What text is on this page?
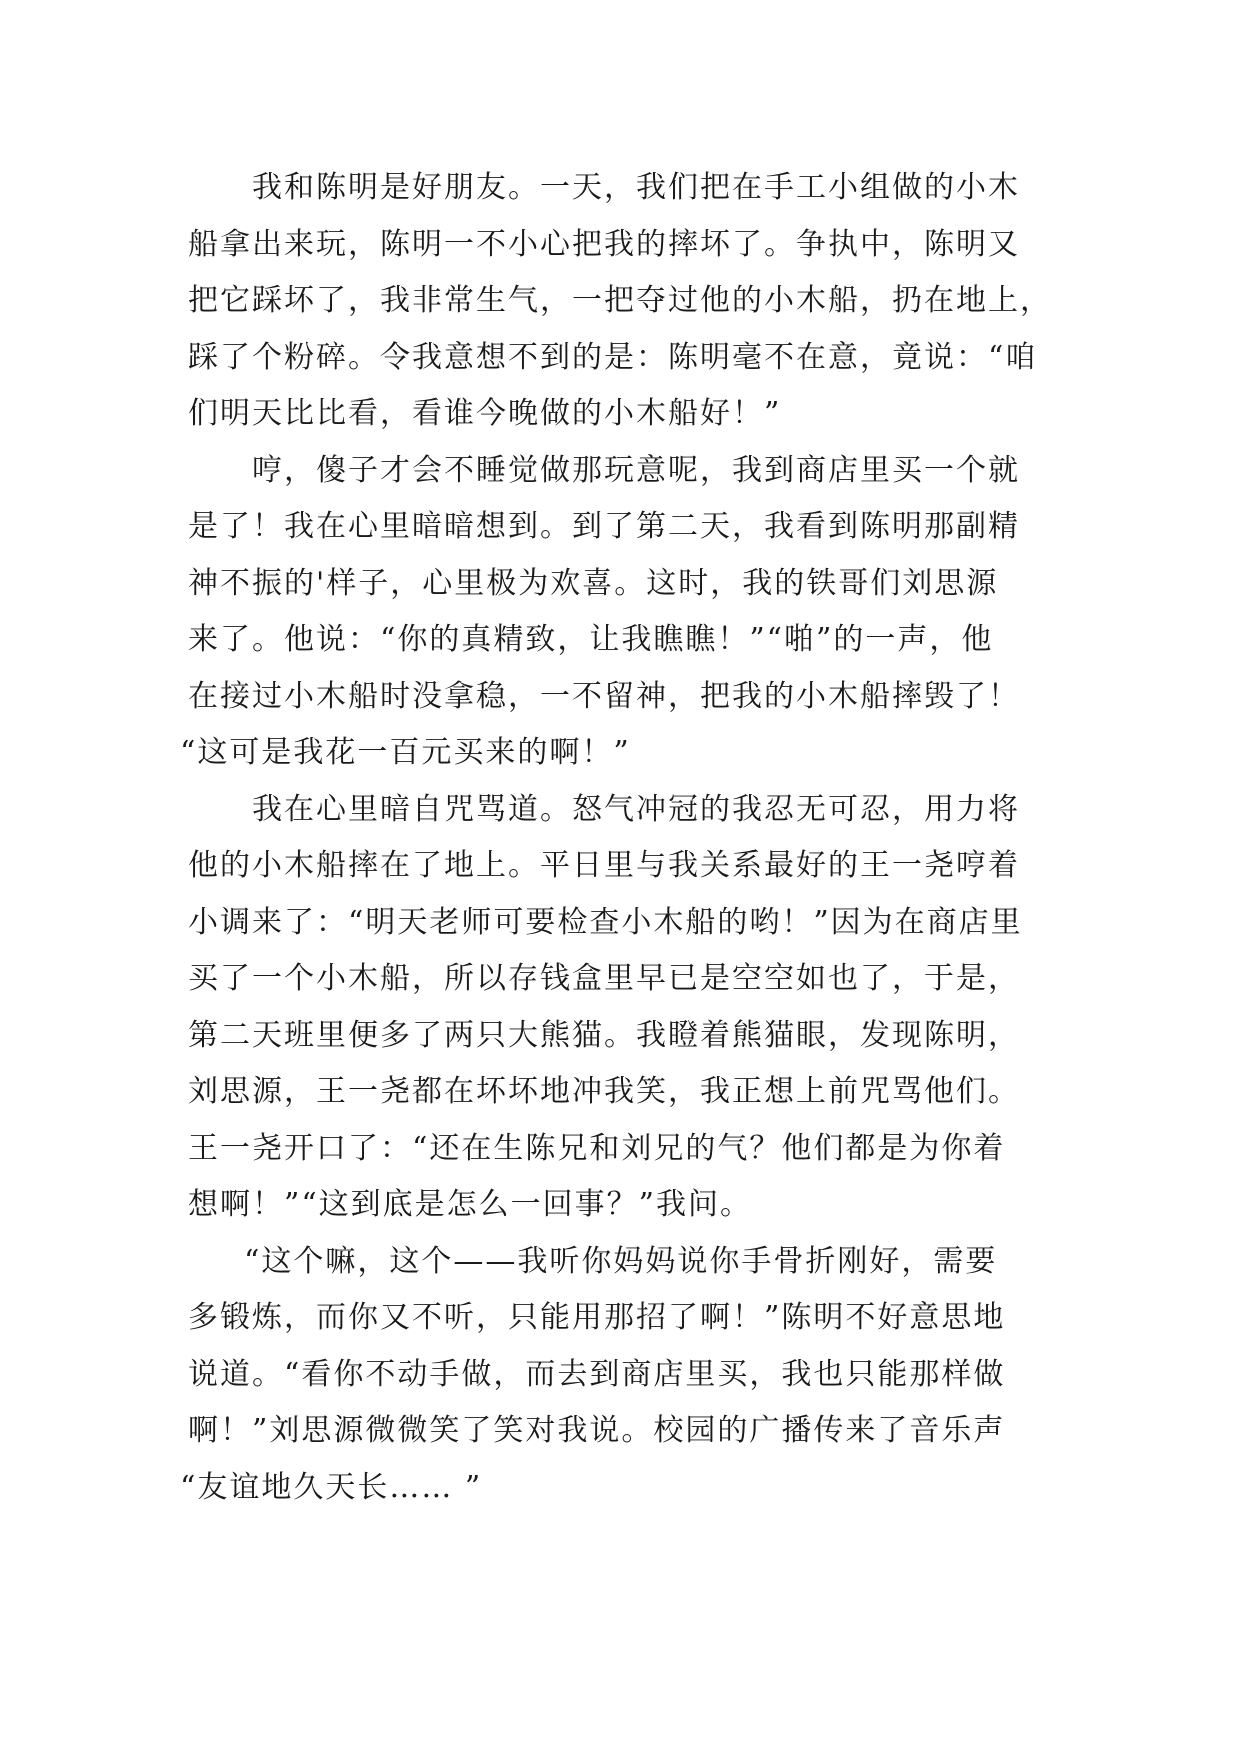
我和陈明是好朋友。一天，我们把在手工小组做的小木
船拿出来玩，陈明一不小心把我的摔坏了。争执中，陈明又
把它踩坏了，我非常生气，一把夺过他的小木船，扔在地上，
踩了个粉碎。令我意想不到的是：陈明毫不在意，竟说：“咱
们明天比比看，看谁今晚做的小木船好！”
哼，傻子才会不睡觉做那玩意呢，我到商店里买一个就
是了！我在心里暗暗想到。到了第二天，我看到陈明那副精
神不振的'样子，心里极为欢喜。这时，我的铁哥们刘思源
来了。他说：“你的真精致，让我瞧瞧！”“啪”的一声，他
在接过小木船时没拿稳，一不留神，把我的小木船摔毁了！
“这可是我花一百元买来的啊！”
我在心里暗自咒骂道。怒气冲冠的我忍无可忍，用力将
他的小木船摔在了地上。平日里与我关系最好的王一尧哼着
小调来了：“明天老师可要检查小木船的哟！”因为在商店里
买了一个小木船，所以存钱盒里早已是空空如也了，于是，
第二天班里便多了两只大熊猫。我瞪着熊猫眼，发现陈明，
刘思源，王一尧都在坏坏地冲我笑，我正想上前咒骂他们。
王一尧开口了：“还在生陈兄和刘兄的气？他们都是为你着
想啊！”“这到底是怎么一回事？”我问。
“这个嘛，这个——我听你妈妈说你手骨折刚好，需要
多锻炼，而你又不听，只能用那招了啊！”陈明不好意思地
说道。“看你不动手做，而去到商店里买，我也只能那样做
啊！”刘思源微微笑了笑对我说。校园的广播传来了音乐声
“友谊地久天长…… ”
